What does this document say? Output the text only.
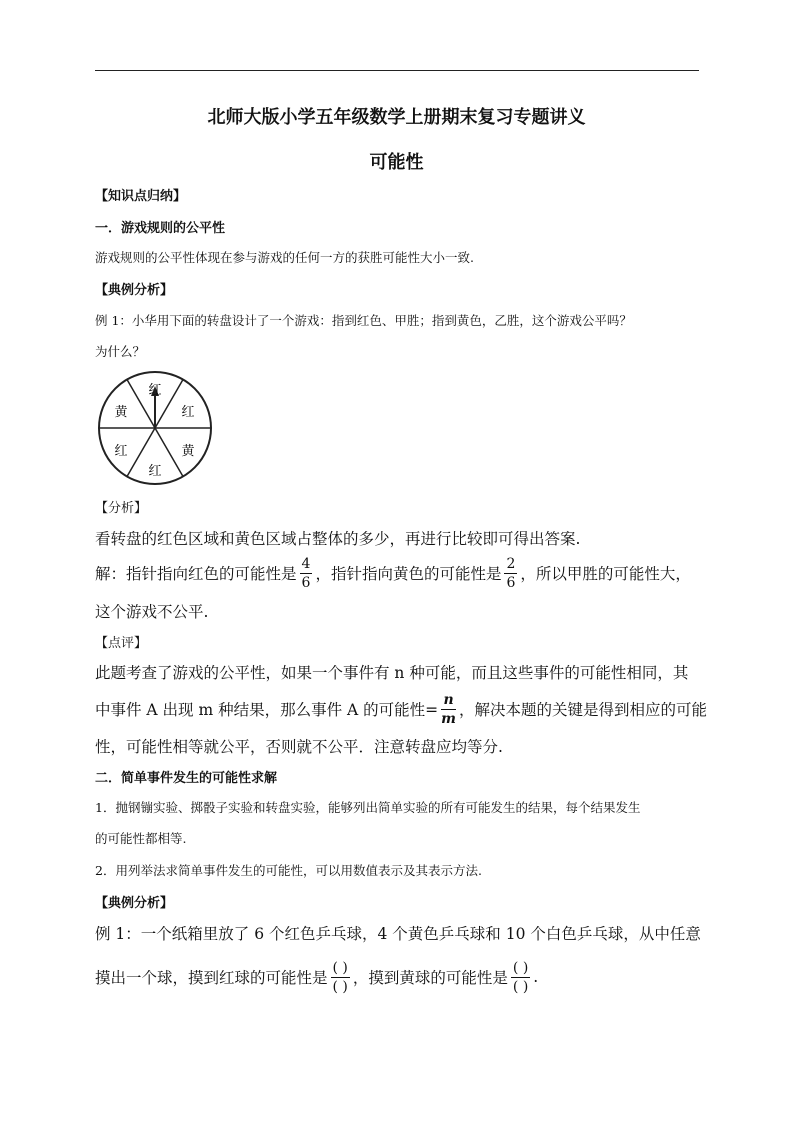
北师大版小学五年级数学上册期末复习专题讲义
可能性
【知识点归纳】
一．游戏规则的公平性
游戏规则的公平性体现在参与游戏的任何一方的获胜可能性大小一致.
【典例分析】
例 1：小华用下面的转盘设计了一个游戏：指到红色、甲胜；指到黄色，乙胜，这个游戏公平吗？
为什么？
红
红
黄
红
黄
红
【分析】
看转盘的红色区域和黄色区域占整体的多少，再进行比较即可得出答案.
解：指针指向红色的可能性是 $\frac{4}{6}$ ，指针指向黄色的可能性是 $\frac{2}{6}$ ，所以甲胜的可能性大，
这个游戏不公平.
【点评】
此题考查了游戏的公平性，如果一个事件有 n 种可能，而且这些事件的可能性相同，其
中事件 A 出现 m 种结果，那么事件 A 的可能性= $\frac{n}{m}$ ，解决本题的关键是得到相应的可能
性，可能性相等就公平，否则就不公平．注意转盘应均等分.
二．简单事件发生的可能性求解
1．抛钢镚实验、掷骰子实验和转盘实验，能够列出简单实验的所有可能发生的结果，每个结果发生
的可能性都相等.
2．用列举法求简单事件发生的可能性，可以用数值表示及其表示方法.
【典例分析】
例 1：一个纸箱里放了 6 个红色乒乓球，4 个黄色乒乓球和 10 个白色乒乓球，从中任意
摸出一个球，摸到红球的可能性是 $\frac{( )}{( )}$ ，摸到黄球的可能性是 $\frac{( )}{( )}$ .
